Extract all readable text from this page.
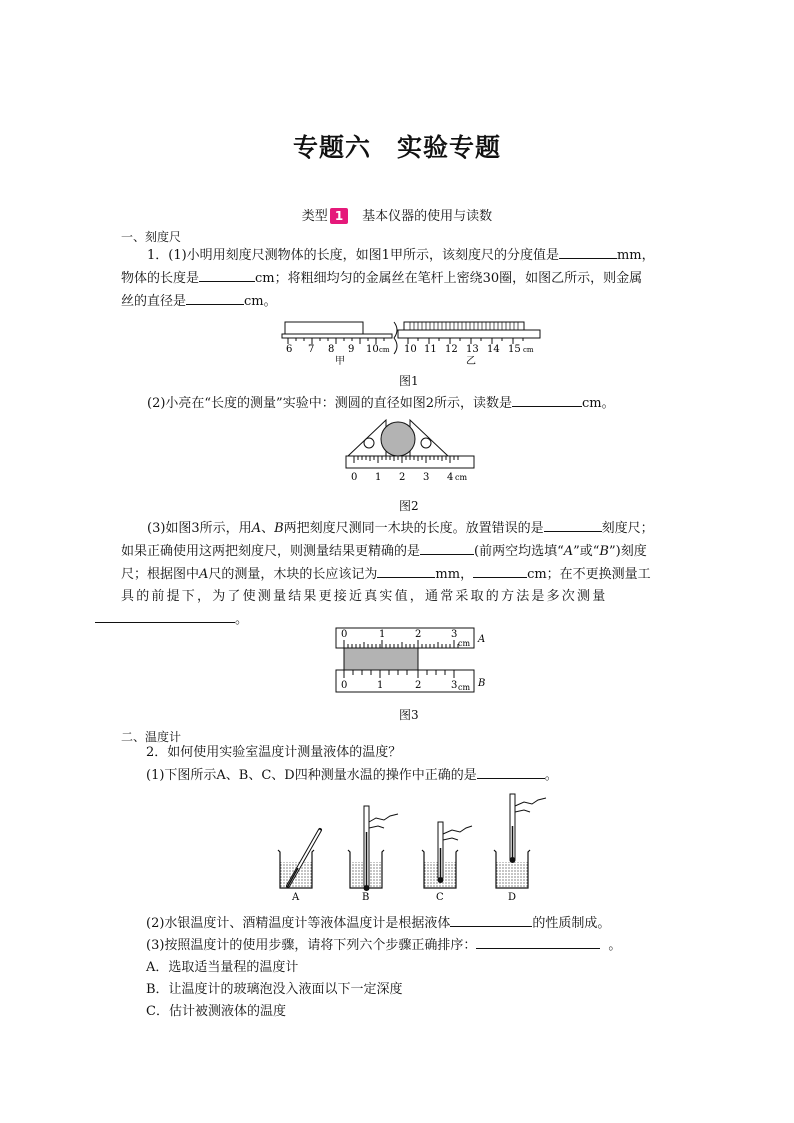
专题六　实验专题
类型 1 基本仪器的使用与读数
一、刻度尺
1．(1)小明用刻度尺测物体的长度，如图1甲所示，该刻度尺的分度值是	mm，
物体的长度是	cm；将粗细均匀的金属丝在笔杆上密绕30圈，如图乙所示，则金属
丝的直径是	cm。
6 7 8 9 10 cm
甲
10 11 12 13 14 15 cm
乙
图1
(2)小亮在“长度的测量”实验中：测圆的直径如图2所示，读数是	cm。
0 1 2 3 4 cm
图2
(3)如图3所示，用A、B两把刻度尺测同一木块的长度。放置错误的是	刻度尺；
如果正确使用这两把刻度尺，则测量结果更精确的是	(前两空均选填“A”或“B”)刻度
尺；根据图中A尺的测量，木块的长应该记为	mm，	cm；在不更换测量工
具的前提下，为了使测量结果更接近真实值，通常采取的方法是多次测量
。
0	1	2	3
cm A
0	1	2	3 cm B
图3
二、温度计
2．如何使用实验室温度计测量液体的温度？
(1)下图所示A、B、C、D四种测量水温的操作中正确的是	。
A	B	C	D
(2)水银温度计、酒精温度计等液体温度计是根据液体	的性质制成。
(3)按照温度计的使用步骤，请将下列六个步骤正确排序：	。
A．选取适当量程的温度计
B．让温度计的玻璃泡没入液面以下一定深度
C．估计被测液体的温度
